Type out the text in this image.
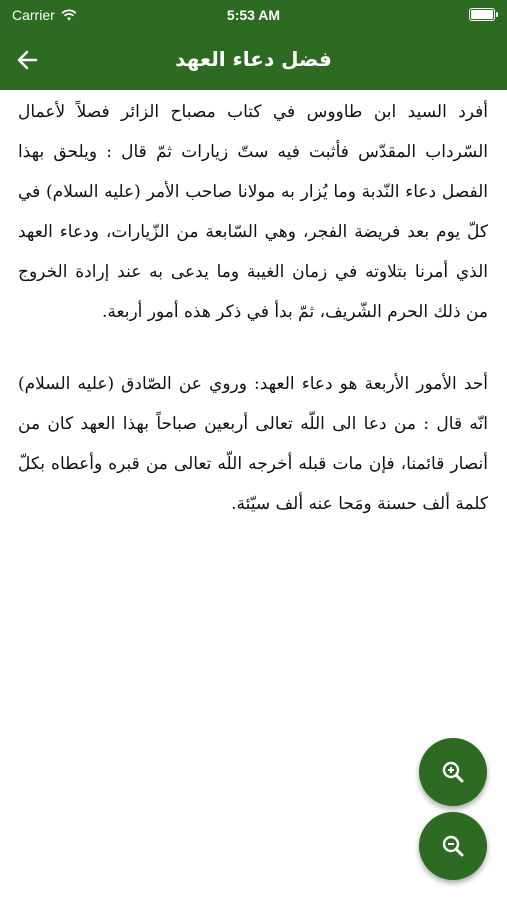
Carrier	5:53 AM
فضل دعاء العهد

أفرد السيد ابن طاووس في كتاب مصباح الزائر فصلاً لأعمال السّرداب المقدّس فأثبت فيه ستّ زيارات ثمّ قال : ويلحق بهذا الفصل دعاء النّدبة وما يُزار به مولانا صاحب الأمر (عليه السلام) في كلّ يوم بعد فريضة الفجر، وهي السّابعة من الزّيارات، ودعاء العهد الذي أمرنا بتلاوته في زمان الغيبة وما يدعى به عند إرادة الخروج من ذلك الحرم الشّريف، ثمّ بدأ في ذكر هذه أمور أربعة.

أحد الأمور الأربعة هو دعاء العهد: وروي عن الصّادق (عليه السلام) انّه قال : من دعا الى اللّه تعالى أربعين صباحاً بهذا العهد كان من أنصار قائمنا، فإن مات قبله أخرجه اللّه تعالى من قبره وأعطاه بكلّ كلمة ألف حسنة ومَحا عنه ألف سيّئة.
